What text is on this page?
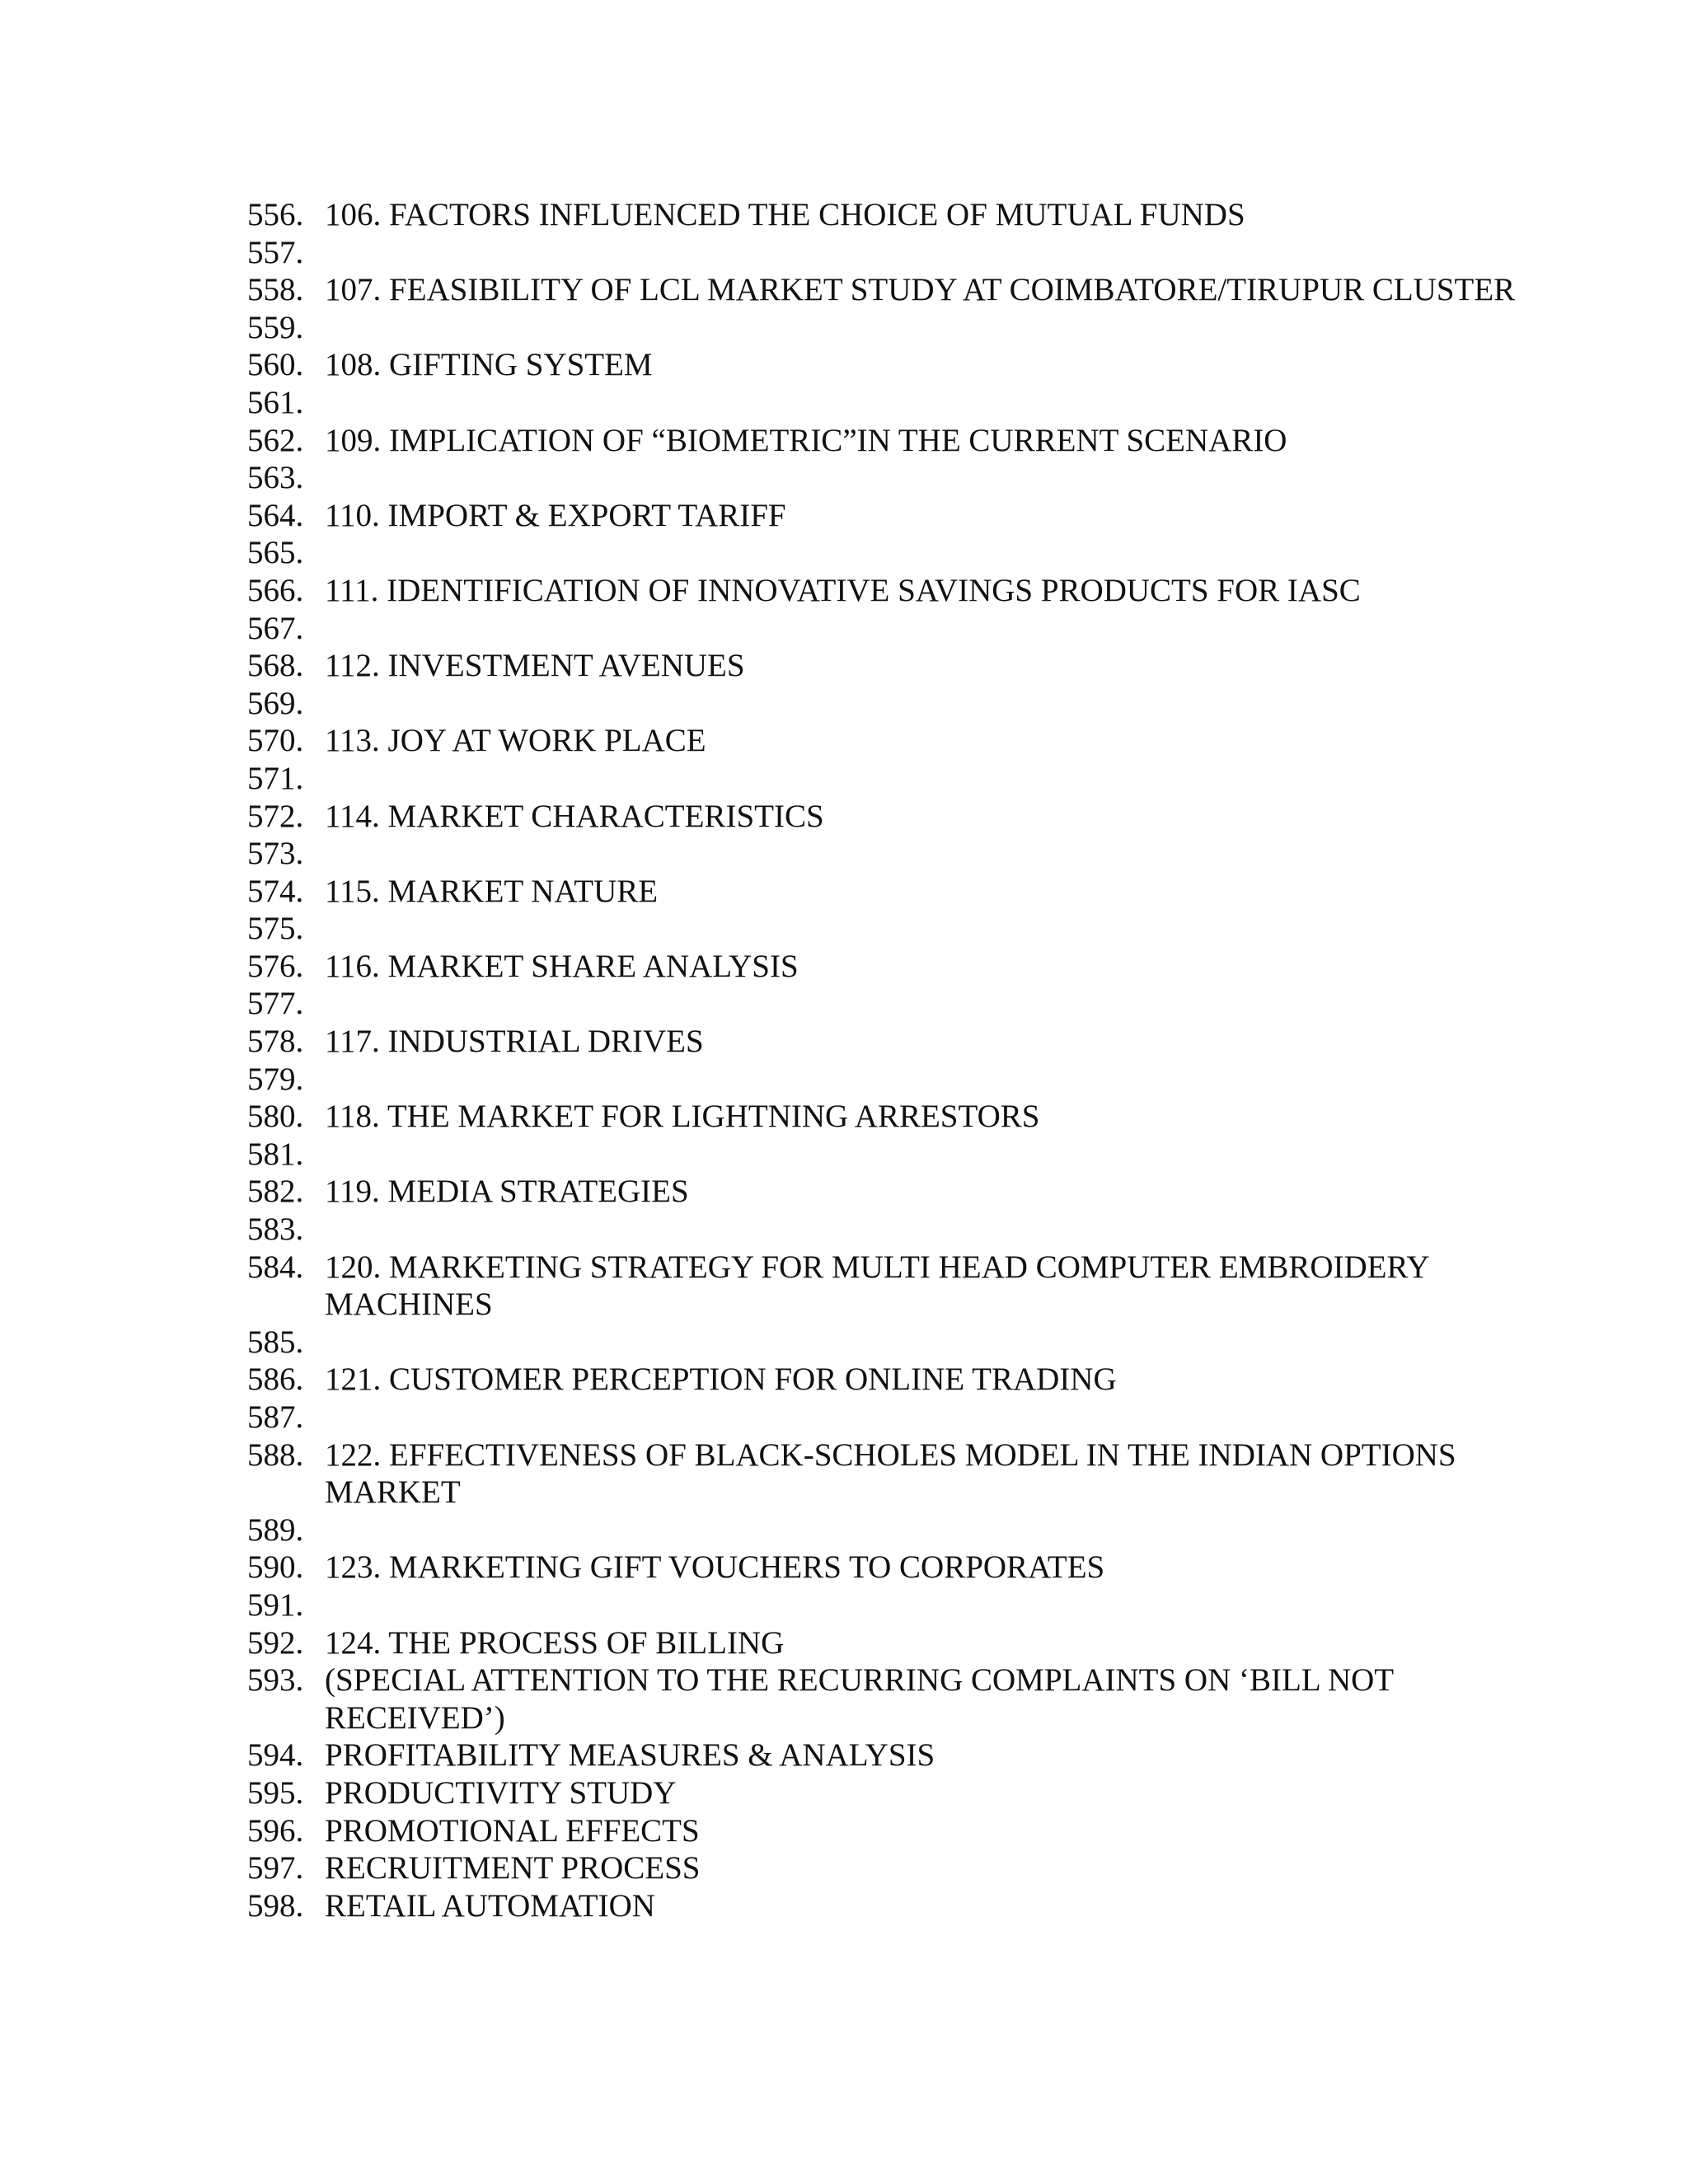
556. 106. FACTORS INFLUENCED THE CHOICE OF MUTUAL FUNDS
557.
558. 107. FEASIBILITY OF LCL MARKET STUDY AT COIMBATORE/TIRUPUR CLUSTER
559.
560. 108. GIFTING SYSTEM
561.
562. 109. IMPLICATION OF “BIOMETRIC”IN THE CURRENT SCENARIO
563.
564. 110. IMPORT & EXPORT TARIFF
565.
566. 111. IDENTIFICATION OF INNOVATIVE SAVINGS PRODUCTS FOR IASC
567.
568. 112. INVESTMENT AVENUES
569.
570. 113. JOY AT WORK PLACE
571.
572. 114. MARKET CHARACTERISTICS
573.
574. 115. MARKET NATURE
575.
576. 116. MARKET SHARE ANALYSIS
577.
578. 117. INDUSTRIAL DRIVES
579.
580. 118. THE MARKET FOR LIGHTNING ARRESTORS
581.
582. 119. MEDIA STRATEGIES
583.
584. 120. MARKETING STRATEGY FOR MULTI HEAD COMPUTER EMBROIDERY
MACHINES
585.
586. 121. CUSTOMER PERCEPTION FOR ONLINE TRADING
587.
588. 122. EFFECTIVENESS OF BLACK-SCHOLES MODEL IN THE INDIAN OPTIONS
MARKET
589.
590. 123. MARKETING GIFT VOUCHERS TO CORPORATES
591.
592. 124. THE PROCESS OF BILLING
593. (SPECIAL ATTENTION TO THE RECURRING COMPLAINTS ON ‘BILL NOT
RECEIVED’)
594. PROFITABILITY MEASURES & ANALYSIS
595. PRODUCTIVITY STUDY
596. PROMOTIONAL EFFECTS
597. RECRUITMENT PROCESS
598. RETAIL AUTOMATION
